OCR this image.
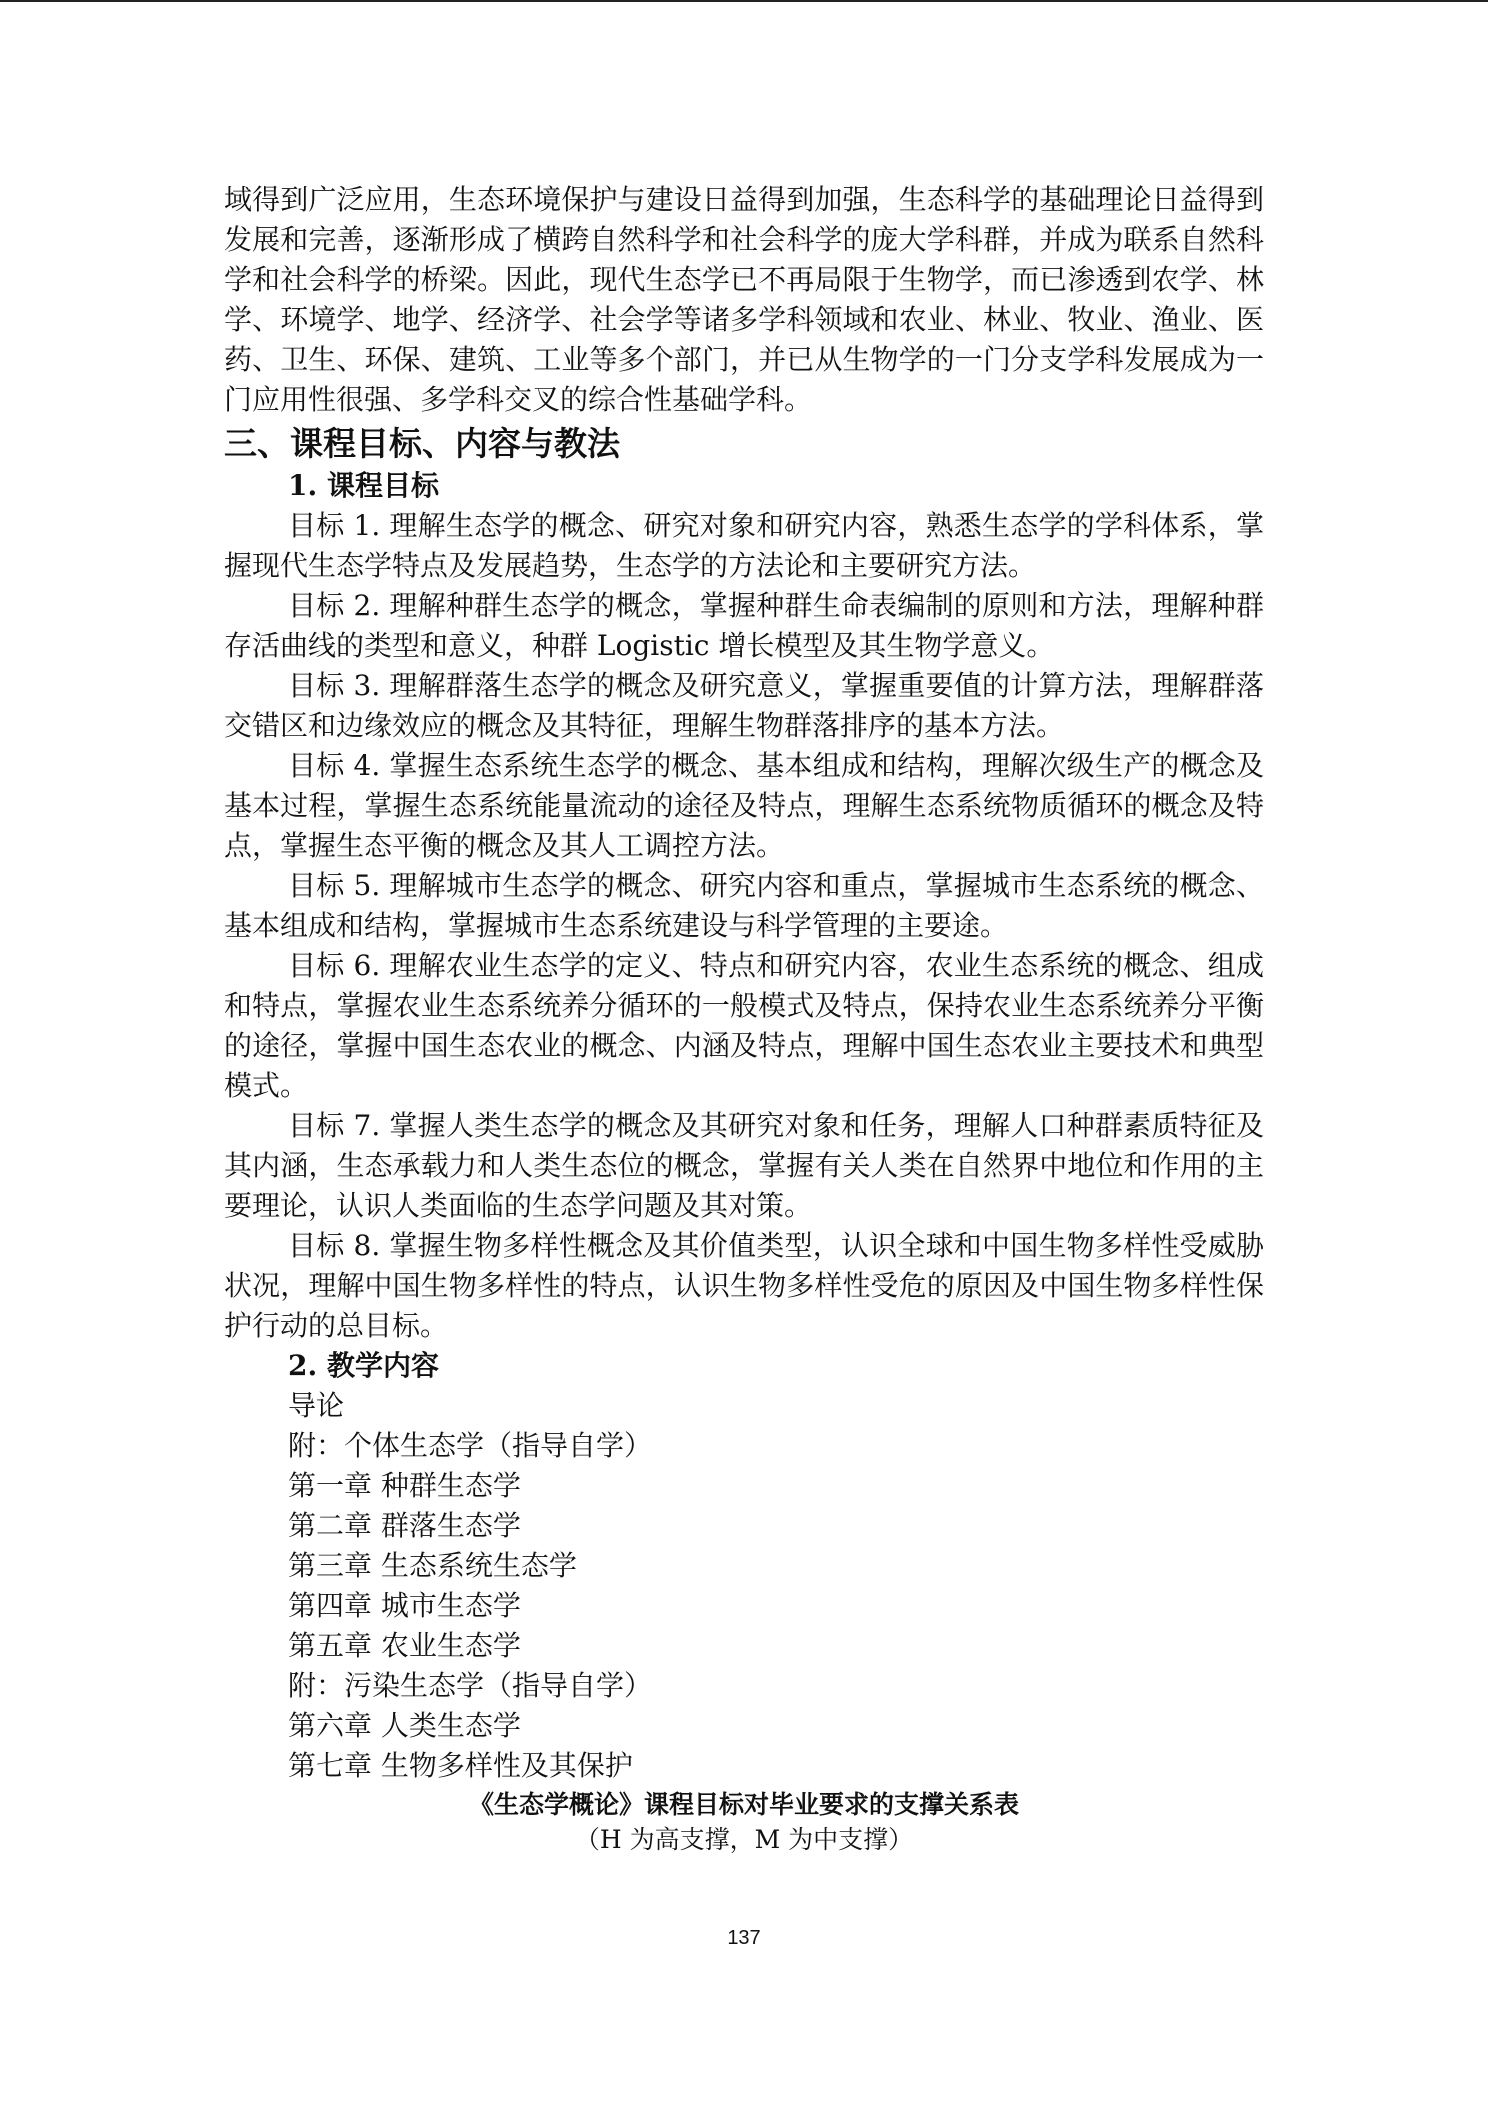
域得到广泛应用，生态环境保护与建设日益得到加强，生态科学的基础理论日益得到发展和完善，逐渐形成了横跨自然科学和社会科学的庞大学科群，并成为联系自然科学和社会科学的桥梁。因此，现代生态学已不再局限于生物学，而已渗透到农学、林学、环境学、地学、经济学、社会学等诸多学科领域和农业、林业、牧业、渔业、医药、卫生、环保、建筑、工业等多个部门，并已从生物学的一门分支学科发展成为一门应用性很强、多学科交叉的综合性基础学科。

三、课程目标、内容与教法

1. 课程目标

目标 1. 理解生态学的概念、研究对象和研究内容，熟悉生态学的学科体系，掌握现代生态学特点及发展趋势，生态学的方法论和主要研究方法。

目标 2. 理解种群生态学的概念，掌握种群生命表编制的原则和方法，理解种群存活曲线的类型和意义，种群 Logistic 增长模型及其生物学意义。

目标 3. 理解群落生态学的概念及研究意义，掌握重要值的计算方法，理解群落交错区和边缘效应的概念及其特征，理解生物群落排序的基本方法。

目标 4. 掌握生态系统生态学的概念、基本组成和结构，理解次级生产的概念及基本过程，掌握生态系统能量流动的途径及特点，理解生态系统物质循环的概念及特点，掌握生态平衡的概念及其人工调控方法。

目标 5. 理解城市生态学的概念、研究内容和重点，掌握城市生态系统的概念、基本组成和结构，掌握城市生态系统建设与科学管理的主要途。

目标 6. 理解农业生态学的定义、特点和研究内容，农业生态系统的概念、组成和特点，掌握农业生态系统养分循环的一般模式及特点，保持农业生态系统养分平衡的途径，掌握中国生态农业的概念、内涵及特点，理解中国生态农业主要技术和典型模式。

目标 7. 掌握人类生态学的概念及其研究对象和任务，理解人口种群素质特征及其内涵，生态承载力和人类生态位的概念，掌握有关人类在自然界中地位和作用的主要理论，认识人类面临的生态学问题及其对策。

目标 8. 掌握生物多样性概念及其价值类型，认识全球和中国生物多样性受威胁状况，理解中国生物多样性的特点，认识生物多样性受危的原因及中国生物多样性保护行动的总目标。

2. 教学内容

导论
附：个体生态学（指导自学）
第一章 种群生态学
第二章 群落生态学
第三章 生态系统生态学
第四章 城市生态学
第五章 农业生态学
附：污染生态学（指导自学）
第六章 人类生态学
第七章 生物多样性及其保护

《生态学概论》课程目标对毕业要求的支撑关系表

（H 为高支撑，M 为中支撑）

137
